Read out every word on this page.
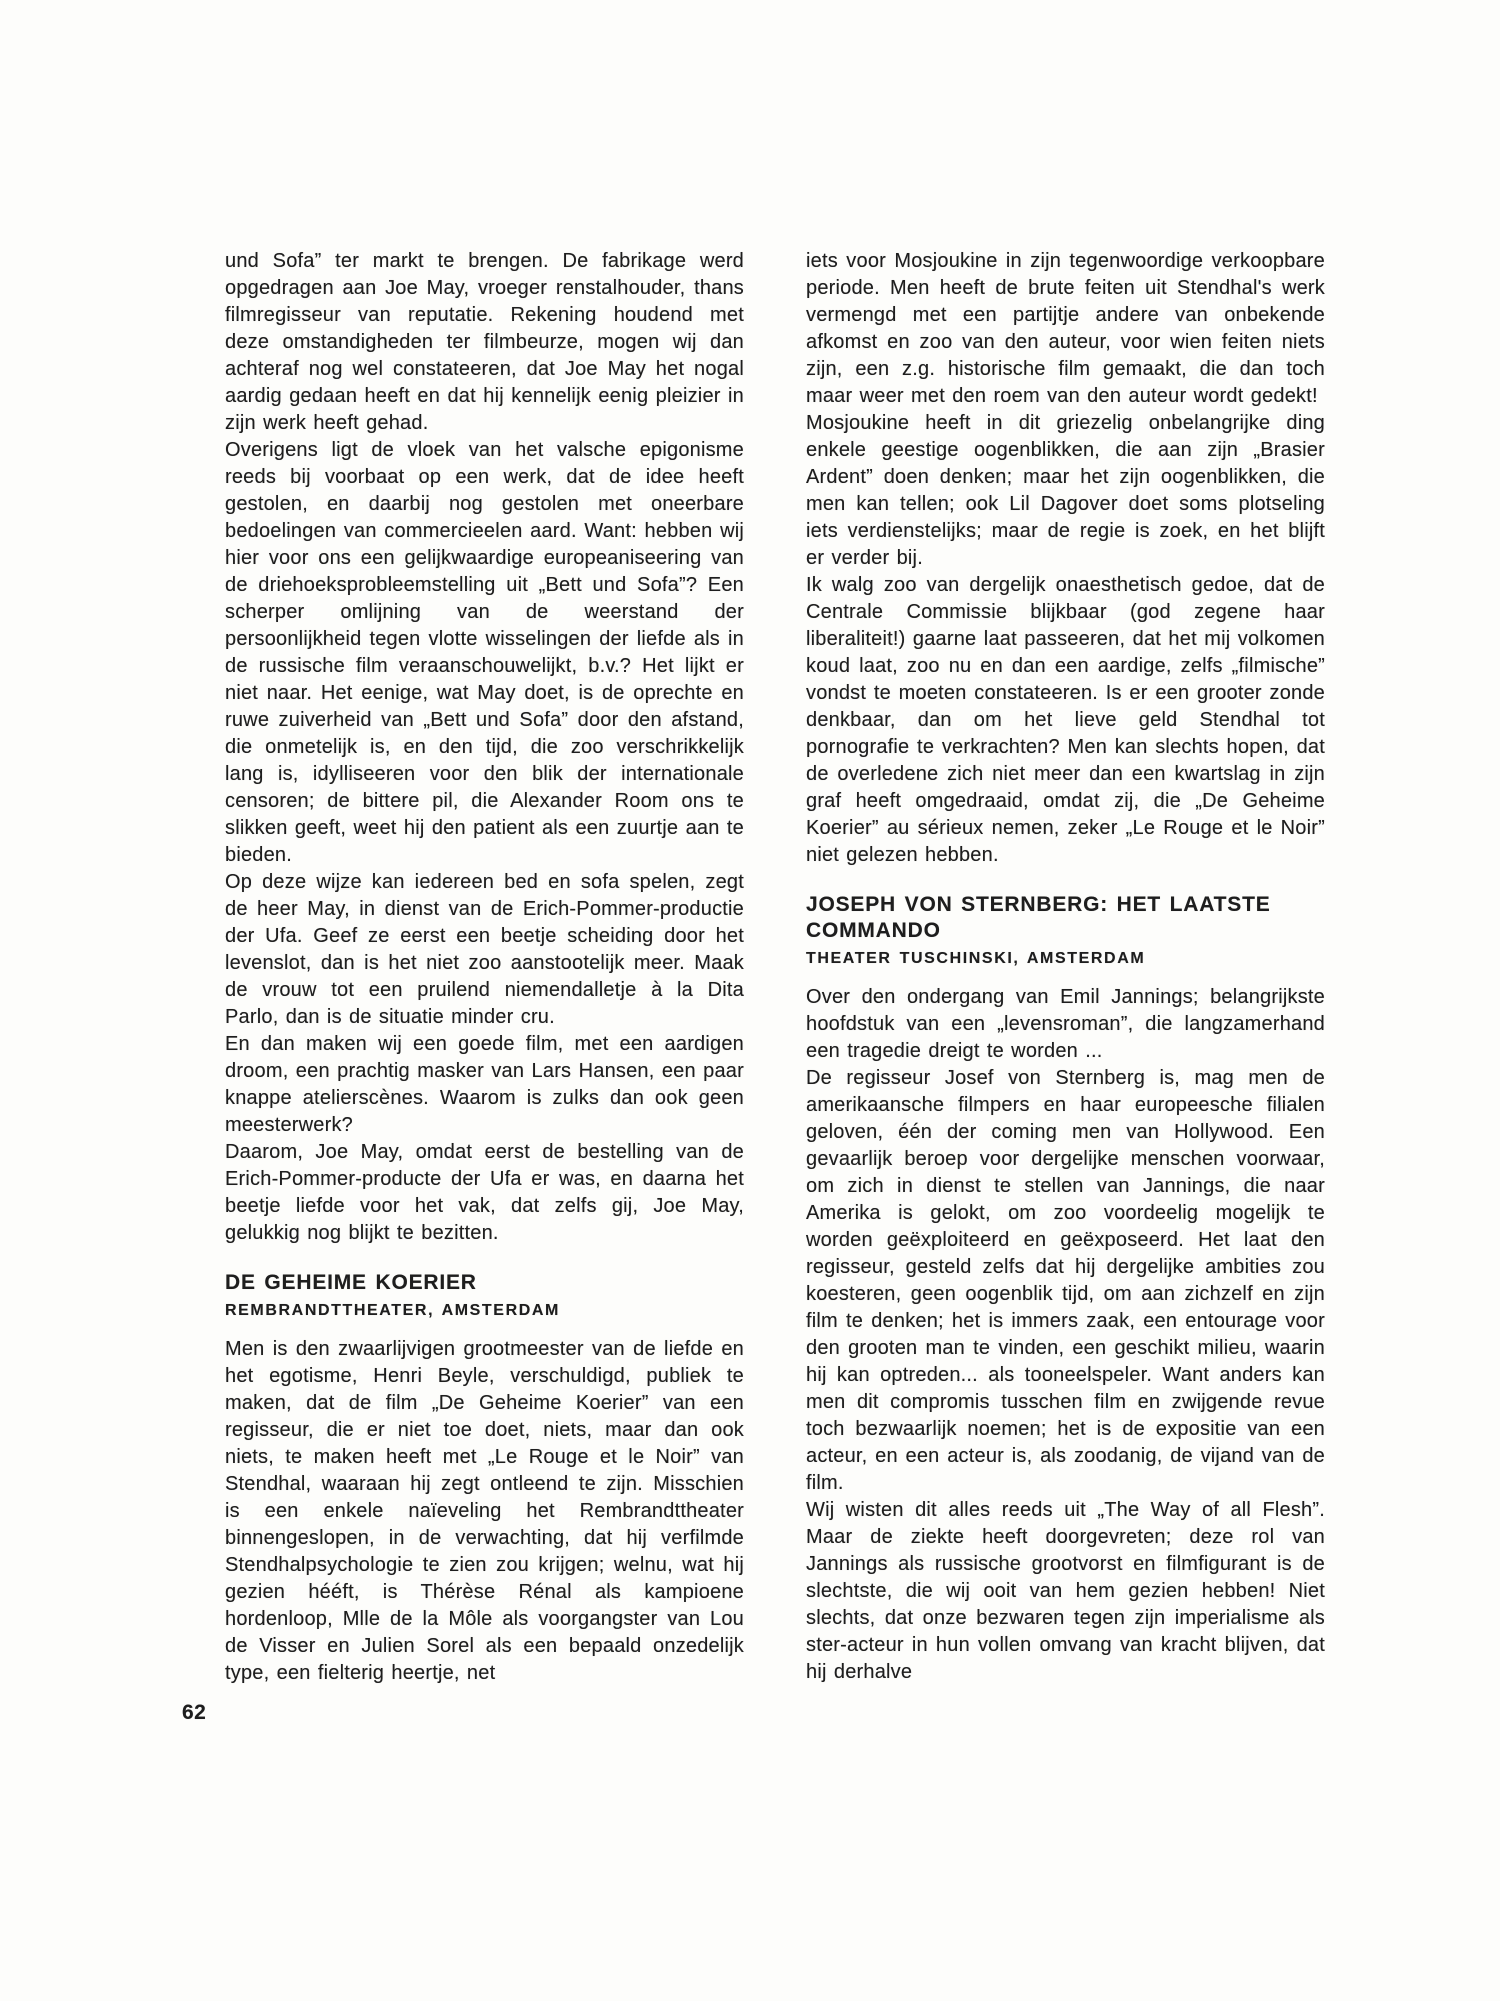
62

und Sofa” ter markt te brengen. De fabrikage werd opgedragen aan Joe May, vroeger renstalhouder, thans filmregisseur van reputatie. Rekening houdend met deze omstandigheden ter filmbeurze, mogen wij dan achteraf nog wel constateeren, dat Joe May het nogal aardig gedaan heeft en dat hij kennelijk eenig pleizier in zijn werk heeft gehad.

Overigens ligt de vloek van het valsche epigonisme reeds bij voorbaat op een werk, dat de idee heeft gestolen, en daarbij nog gestolen met oneerbare bedoelingen van commercieelen aard. Want: hebben wij hier voor ons een gelijkwaardige europeaniseering van de driehoeksprobleemstelling uit „Bett und Sofa”? Een scherper omlijning van de weerstand der persoonlijkheid tegen vlotte wisselingen der liefde als in de russische film veraanschouwelijkt, b.v.? Het lijkt er niet naar. Het eenige, wat May doet, is de oprechte en ruwe zuiverheid van „Bett und Sofa” door den afstand, die onmetelijk is, en den tijd, die zoo verschrikkelijk lang is, idylliseeren voor den blik der internationale censoren; de bittere pil, die Alexander Room ons te slikken geeft, weet hij den patient als een zuurtje aan te bieden.

Op deze wijze kan iedereen bed en sofa spelen, zegt de heer May, in dienst van de Erich-Pommer-productie der Ufa. Geef ze eerst een beetje scheiding door het levenslot, dan is het niet zoo aanstootelijk meer. Maak de vrouw tot een pruilend niemendalletje à la Dita Parlo, dan is de situatie minder cru.

En dan maken wij een goede film, met een aardigen droom, een prachtig masker van Lars Hansen, een paar knappe atelierscènes. Waarom is zulks dan ook geen meesterwerk?

Daarom, Joe May, omdat eerst de bestelling van de Erich-Pommer-producte der Ufa er was, en daarna het beetje liefde voor het vak, dat zelfs gij, Joe May, gelukkig nog blijkt te bezitten.

DE GEHEIME KOERIER

REMBRANDTTHEATER, AMSTERDAM

Men is den zwaarlijvigen grootmeester van de liefde en het egotisme, Henri Beyle, verschuldigd, publiek te maken, dat de film „De Geheime Koerier” van een regisseur, die er niet toe doet, niets, maar dan ook niets, te maken heeft met „Le Rouge et le Noir” van Stendhal, waaraan hij zegt ontleend te zijn. Misschien is een enkele naïeveling het Rembrandttheater binnengeslopen, in de verwachting, dat hij verfilmde Stendhalpsychologie te zien zou krijgen; welnu, wat hij gezien hééft, is Thérèse Rénal als kampioene hordenloop, Mlle de la Môle als voorgangster van Lou de Visser en Julien Sorel als een bepaald onzedelijk type, een fielterig heertje, net

iets voor Mosjoukine in zijn tegenwoordige verkoopbare periode. Men heeft de brute feiten uit Stendhal's werk vermengd met een partijtje andere van onbekende afkomst en zoo van den auteur, voor wien feiten niets zijn, een z.g. historische film gemaakt, die dan toch maar weer met den roem van den auteur wordt gedekt!

Mosjoukine heeft in dit griezelig onbelangrijke ding enkele geestige oogenblikken, die aan zijn „Brasier Ardent” doen denken; maar het zijn oogenblikken, die men kan tellen; ook Lil Dagover doet soms plotseling iets verdienstelijks; maar de regie is zoek, en het blijft er verder bij.

Ik walg zoo van dergelijk onaesthetisch gedoe, dat de Centrale Commissie blijkbaar (god zegene haar liberaliteit!) gaarne laat passeeren, dat het mij volkomen koud laat, zoo nu en dan een aardige, zelfs „filmische” vondst te moeten constateeren. Is er een grooter zonde denkbaar, dan om het lieve geld Stendhal tot pornografie te verkrachten? Men kan slechts hopen, dat de overledene zich niet meer dan een kwartslag in zijn graf heeft omgedraaid, omdat zij, die „De Geheime Koerier” au sérieux nemen, zeker „Le Rouge et le Noir” niet gelezen hebben.

JOSEPH VON STERNBERG: HET LAATSTE COMMANDO

THEATER TUSCHINSKI, AMSTERDAM

Over den ondergang van Emil Jannings; belangrijkste hoofdstuk van een „levensroman”, die langzamerhand een tragedie dreigt te worden ...

De regisseur Josef von Sternberg is, mag men de amerikaansche filmpers en haar europeesche filialen geloven, één der coming men van Hollywood. Een gevaarlijk beroep voor dergelijke menschen voorwaar, om zich in dienst te stellen van Jannings, die naar Amerika is gelokt, om zoo voordeelig mogelijk te worden geëxploiteerd en geëxposeerd. Het laat den regisseur, gesteld zelfs dat hij dergelijke ambities zou koesteren, geen oogenblik tijd, om aan zichzelf en zijn film te denken; het is immers zaak, een entourage voor den grooten man te vinden, een geschikt milieu, waarin hij kan optreden... als tooneelspeler. Want anders kan men dit compromis tusschen film en zwijgende revue toch bezwaarlijk noemen; het is de expositie van een acteur, en een acteur is, als zoodanig, de vijand van de film.

Wij wisten dit alles reeds uit „The Way of all Flesh”. Maar de ziekte heeft doorgevreten; deze rol van Jannings als russische grootvorst en filmfigurant is de slechtste, die wij ooit van hem gezien hebben! Niet slechts, dat onze bezwaren tegen zijn imperialisme als ster-acteur in hun vollen omvang van kracht blijven, dat hij derhalve
